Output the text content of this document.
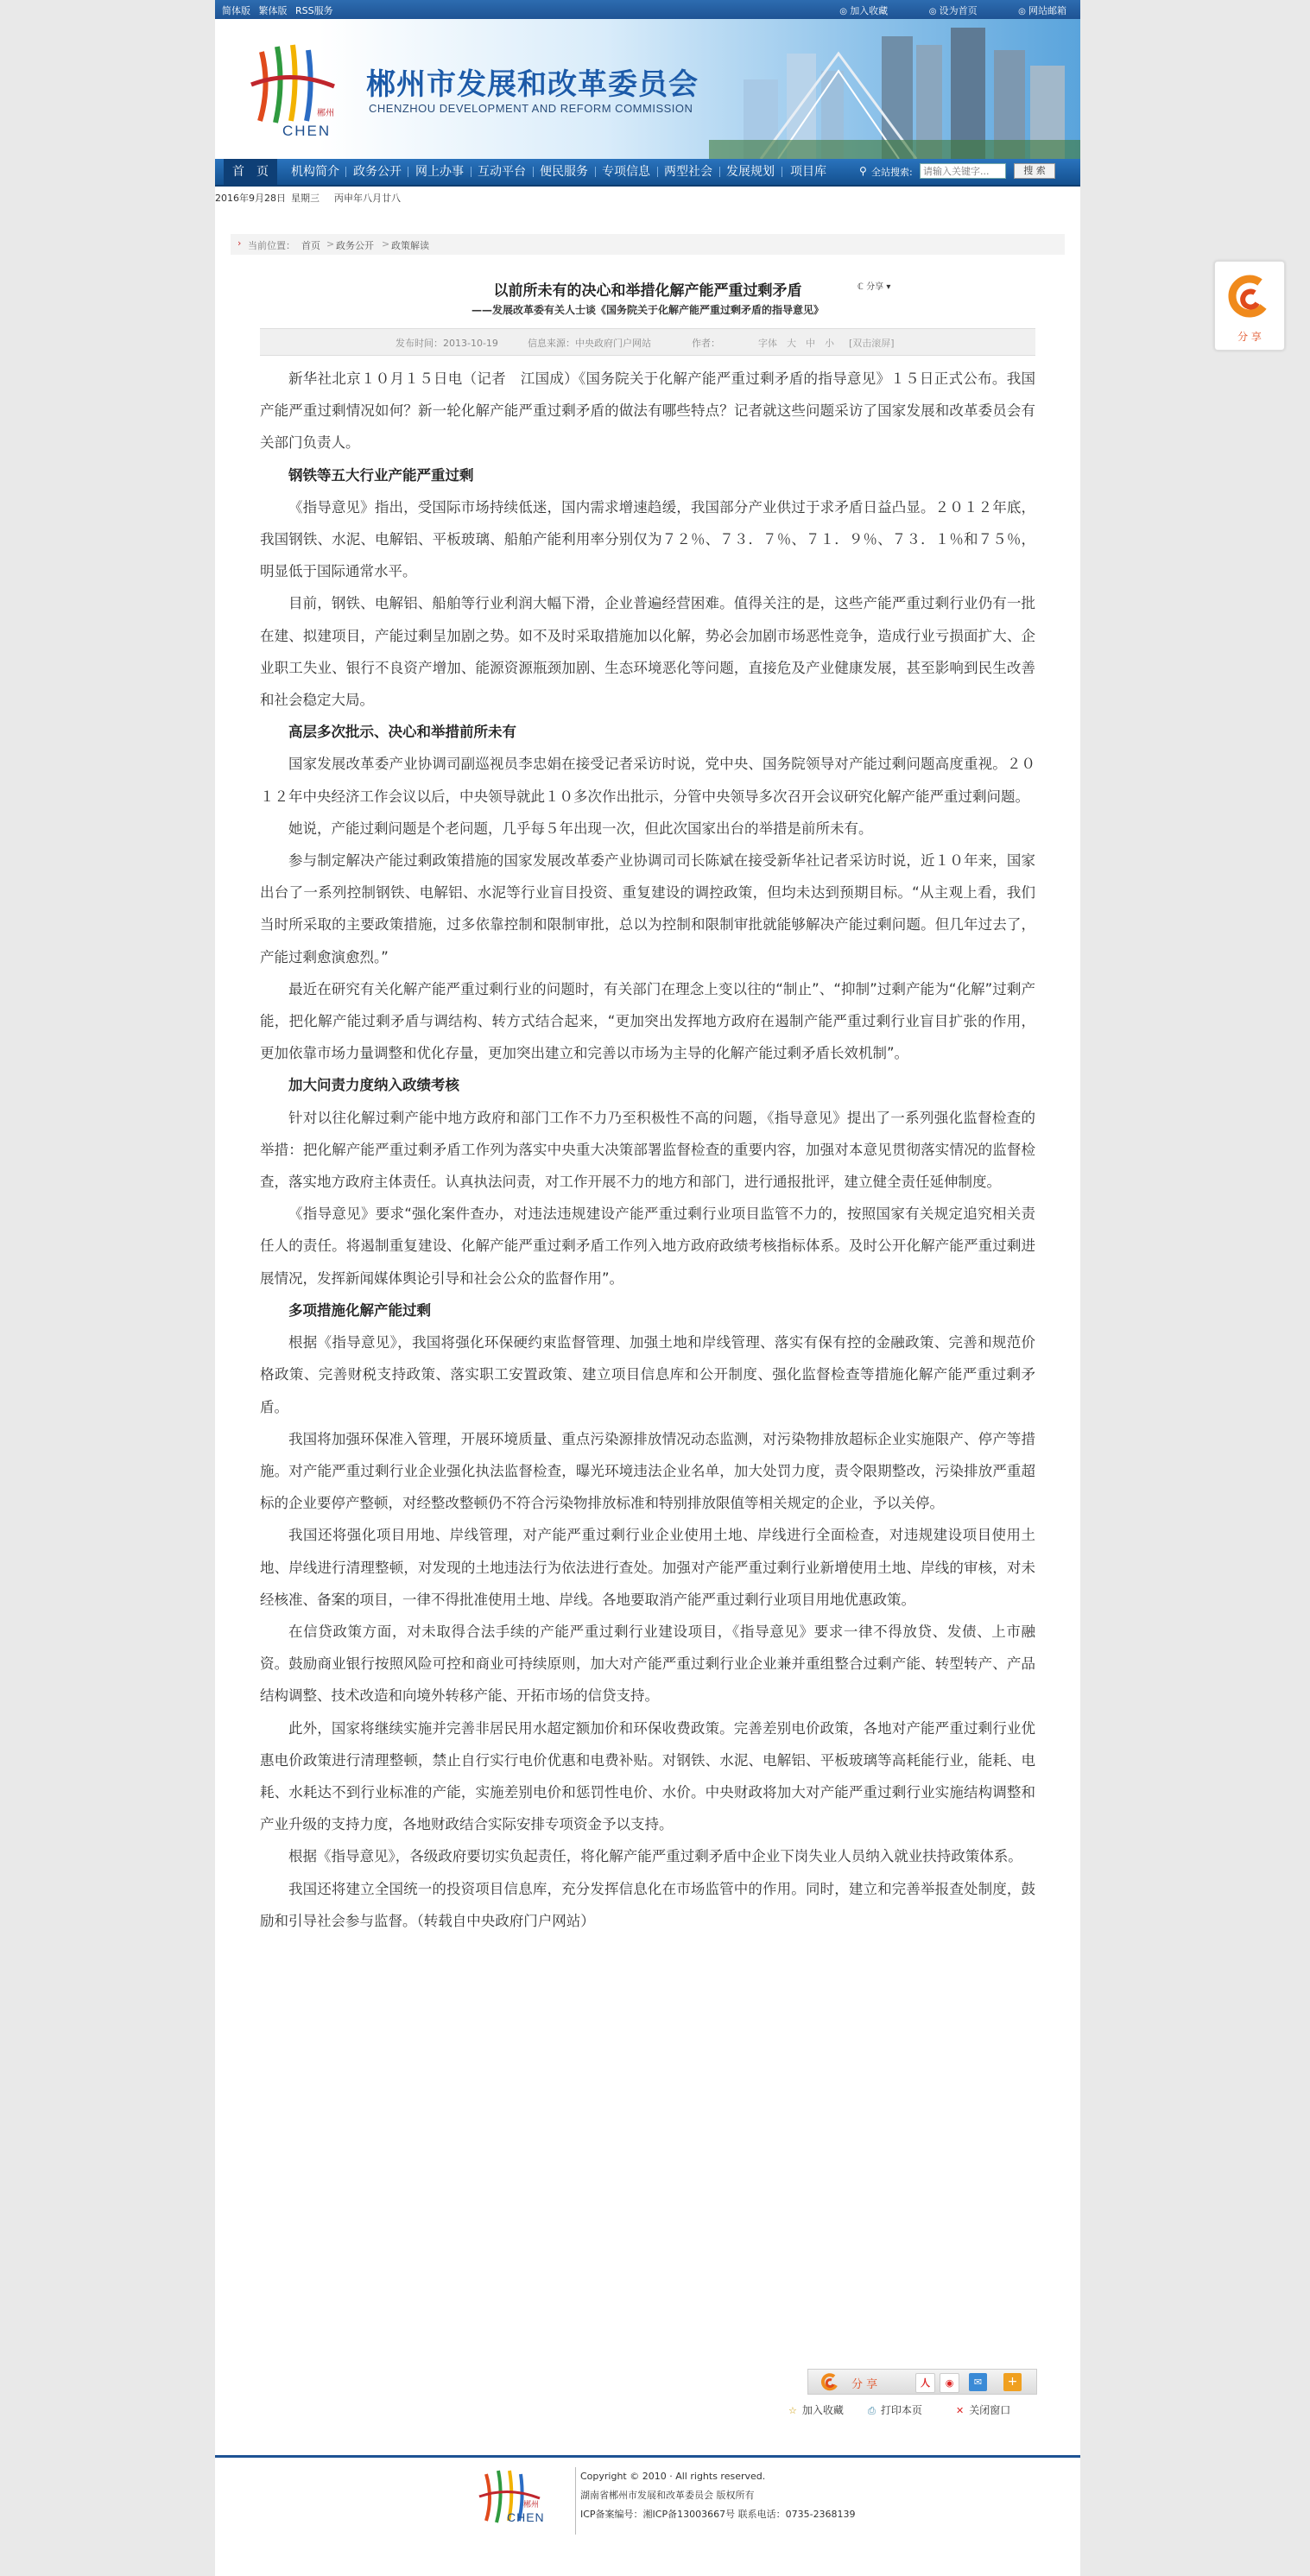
简体版 繁体版 RSS服务	◎ 加入收藏	◎ 设为首页	◎ 网站邮箱
郴州
CHEN
郴州市发展和改革委员会
CHENZHOU DEVELOPMENT AND REFORM COMMISSION
首　页	机构简介 政务公开 网上办事 互动平台 便民服务 专项信息 两型社会 发展规划 项目库	⚲ 全站搜索:
请输入关键字...	搜 索
2016年9月28日 星期三 丙申年八月廿八
› 当前位置： 首页 > 政务公开 > 政策解读
以前所未有的决心和举措化解产能严重过剩矛盾	ℂ 分享 ▾
——发展改革委有关人士谈《国务院关于化解产能严重过剩矛盾的指导意见》
发布时间：2013-10-19	信息来源：中央政府门户网站	作者：	字体　大　中　小 [双击滚屏]

新华社北京１０月１５日电（记者　江国成）《国务院关于化解产能严重过剩矛盾的指导意见》１５日正式公布。我国产能严重过剩情况如何？新一轮化解产能严重过剩矛盾的做法有哪些特点？记者就这些问题采访了国家发展和改革委员会有关部门负责人。

钢铁等五大行业产能严重过剩

《指导意见》指出，受国际市场持续低迷，国内需求增速趋缓，我国部分产业供过于求矛盾日益凸显。２０１２年底，我国钢铁、水泥、电解铝、平板玻璃、船舶产能利用率分别仅为７２％、７３．７％、７１．９％、７３．１％和７５％，明显低于国际通常水平。

目前，钢铁、电解铝、船舶等行业利润大幅下滑，企业普遍经营困难。值得关注的是，这些产能严重过剩行业仍有一批在建、拟建项目，产能过剩呈加剧之势。如不及时采取措施加以化解，势必会加剧市场恶性竞争，造成行业亏损面扩大、企业职工失业、银行不良资产增加、能源资源瓶颈加剧、生态环境恶化等问题，直接危及产业健康发展，甚至影响到民生改善和社会稳定大局。

高层多次批示、决心和举措前所未有

国家发展改革委产业协调司副巡视员李忠娟在接受记者采访时说，党中央、国务院领导对产能过剩问题高度重视。２０１２年中央经济工作会议以后，中央领导就此１０多次作出批示，分管中央领导多次召开会议研究化解产能严重过剩问题。

她说，产能过剩问题是个老问题，几乎每５年出现一次，但此次国家出台的举措是前所未有。

参与制定解决产能过剩政策措施的国家发展改革委产业协调司司长陈斌在接受新华社记者采访时说，近１０年来，国家出台了一系列控制钢铁、电解铝、水泥等行业盲目投资、重复建设的调控政策，但均未达到预期目标。“从主观上看，我们当时所采取的主要政策措施，过多依靠控制和限制审批，总以为控制和限制审批就能够解决产能过剩问题。但几年过去了，产能过剩愈演愈烈。”

最近在研究有关化解产能严重过剩行业的问题时，有关部门在理念上变以往的“制止”、“抑制”过剩产能为“化解”过剩产能，把化解产能过剩矛盾与调结构、转方式结合起来，“更加突出发挥地方政府在遏制产能严重过剩行业盲目扩张的作用，更加依靠市场力量调整和优化存量，更加突出建立和完善以市场为主导的化解产能过剩矛盾长效机制”。

加大问责力度纳入政绩考核

针对以往化解过剩产能中地方政府和部门工作不力乃至积极性不高的问题，《指导意见》提出了一系列强化监督检查的举措：把化解产能严重过剩矛盾工作列为落实中央重大决策部署监督检查的重要内容，加强对本意见贯彻落实情况的监督检查，落实地方政府主体责任。认真执法问责，对工作开展不力的地方和部门，进行通报批评，建立健全责任延伸制度。

《指导意见》要求“强化案件查办，对违法违规建设产能严重过剩行业项目监管不力的，按照国家有关规定追究相关责任人的责任。将遏制重复建设、化解产能严重过剩矛盾工作列入地方政府政绩考核指标体系。及时公开化解产能严重过剩进展情况，发挥新闻媒体舆论引导和社会公众的监督作用”。

多项措施化解产能过剩

根据《指导意见》，我国将强化环保硬约束监督管理、加强土地和岸线管理、落实有保有控的金融政策、完善和规范价格政策、完善财税支持政策、落实职工安置政策、建立项目信息库和公开制度、强化监督检查等措施化解产能严重过剩矛盾。

我国将加强环保准入管理，开展环境质量、重点污染源排放情况动态监测，对污染物排放超标企业实施限产、停产等措施。对产能严重过剩行业企业强化执法监督检查，曝光环境违法企业名单，加大处罚力度，责令限期整改，污染排放严重超标的企业要停产整顿，对经整改整顿仍不符合污染物排放标准和特别排放限值等相关规定的企业，予以关停。

我国还将强化项目用地、岸线管理，对产能严重过剩行业企业使用土地、岸线进行全面检查，对违规建设项目使用土地、岸线进行清理整顿，对发现的土地违法行为依法进行查处。加强对产能严重过剩行业新增使用土地、岸线的审核，对未经核准、备案的项目，一律不得批准使用土地、岸线。各地要取消产能严重过剩行业项目用地优惠政策。

在信贷政策方面，对未取得合法手续的产能严重过剩行业建设项目，《指导意见》要求一律不得放贷、发债、上市融资。鼓励商业银行按照风险可控和商业可持续原则，加大对产能严重过剩行业企业兼并重组整合过剩产能、转型转产、产品结构调整、技术改造和向境外转移产能、开拓市场的信贷支持。

此外，国家将继续实施并完善非居民用水超定额加价和环保收费政策。完善差别电价政策，各地对产能严重过剩行业优惠电价政策进行清理整顿，禁止自行实行电价优惠和电费补贴。对钢铁、水泥、电解铝、平板玻璃等高耗能行业，能耗、电耗、水耗达不到行业标准的产能，实施差别电价和惩罚性电价、水价。中央财政将加大对产能严重过剩行业实施结构调整和产业升级的支持力度，各地财政结合实际安排专项资金予以支持。

根据《指导意见》，各级政府要切实负起责任，将化解产能严重过剩矛盾中企业下岗失业人员纳入就业扶持政策体系。

我国还将建立全国统一的投资项目信息库，充分发挥信息化在市场监管中的作用。同时，建立和完善举报查处制度，鼓励和引导社会参与监督。（转载自中央政府门户网站）

分 享	人	◉	✉	+
☆ 加入收藏	⎙ 打印本页	✕ 关闭窗口
郴州
CHEN
Copyright © 2010 · All rights reserved.
湖南省郴州市发展和改革委员会 版权所有
ICP备案编号：湘ICP备13003667号 联系电话：0735-2368139
分 享
